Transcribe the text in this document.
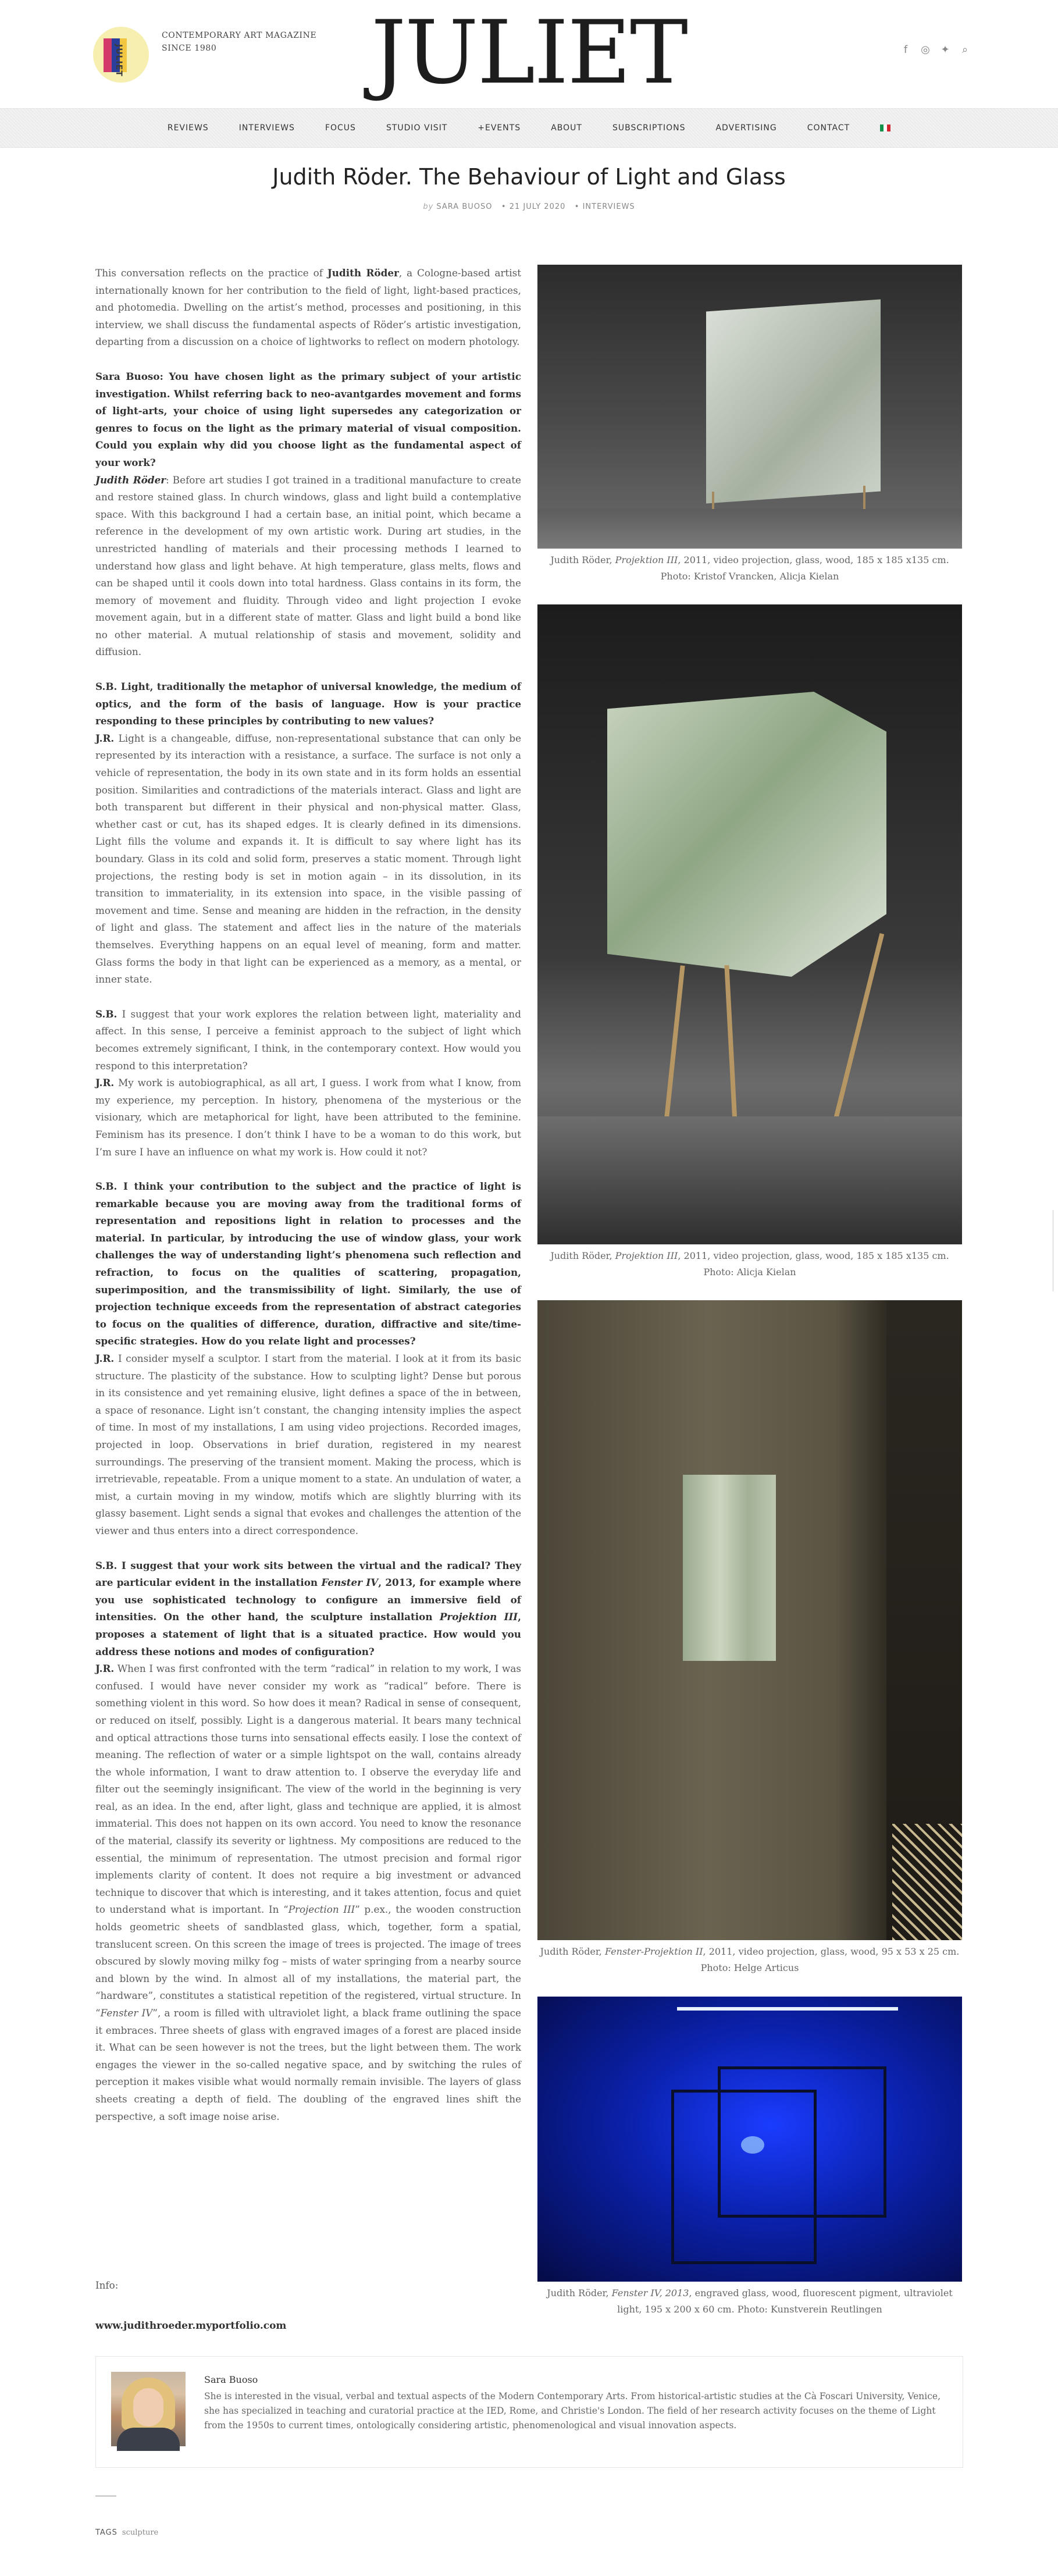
JULIET
CONTEMPORARY ART MAGAZINE
SINCE 1980	JULIET	f	◎ ✦ ⌕
REVIEWS	INTERVIEWS	FOCUS	STUDIO VISIT	+EVENTS	ABOUT	SUBSCRIPTIONS	ADVERTISING	CONTACT
Judith Röder. The Behaviour of Light and Glass
by SARA BUOSO   • 21 JULY 2020   • INTERVIEWS

This conversation reflects on the practice of Judith Röder, a Cologne-based artist internationally known for her contribution to the field of light, light-based practices, and photomedia. Dwelling on the artist’s method, processes and positioning, in this interview, we shall discuss the fundamental aspects of Röder’s artistic investigation, departing from a discussion on a choice of lightworks to reflect on modern photology.

Sara Buoso: You have chosen light as the primary subject of your artistic investigation. Whilst referring back to neo-avantgardes movement and forms of light-arts, your choice of using light supersedes any categorization or genres to focus on the light as the primary material of visual composition. Could you explain why did you choose light as the fundamental aspect of your work?

Judith Röder: Before art studies I got trained in a traditional manufacture to create and restore stained glass. In church windows, glass and light build a contemplative space. With this background I had a certain base, an initial point, which became a reference in the development of my own artistic work. During art studies, in the unrestricted handling of materials and their processing methods I learned to understand how glass and light behave. At high temperature, glass melts, flows and can be shaped until it cools down into total hardness. Glass contains in its form, the memory of movement and fluidity. Through video and light projection I evoke movement again, but in a different state of matter. Glass and light build a bond like no other material. A mutual relationship of stasis and movement, solidity and diffusion.

S.B. Light, traditionally the metaphor of universal knowledge, the medium of optics, and the form of the basis of language. How is your practice responding to these principles by contributing to new values?

J.R. Light is a changeable, diffuse, non-representational substance that can only be represented by its interaction with a resistance, a surface. The surface is not only a vehicle of representation, the body in its own state and in its form holds an essential position. Similarities and contradictions of the materials interact. Glass and light are both transparent but different in their physical and non-physical matter. Glass, whether cast or cut, has its shaped edges. It is clearly defined in its dimensions. Light fills the volume and expands it. It is difficult to say where light has its boundary. Glass in its cold and solid form, preserves a static moment. Through light projections, the resting body is set in motion again – in its dissolution, in its transition to immateriality, in its extension into space, in the visible passing of movement and time. Sense and meaning are hidden in the refraction, in the density of light and glass. The statement and affect lies in the nature of the materials themselves. Everything happens on an equal level of meaning, form and matter. Glass forms the body in that light can be experienced as a memory, as a mental, or inner state.

S.B. I suggest that your work explores the relation between light, materiality and affect. In this sense, I perceive a feminist approach to the subject of light which becomes extremely significant, I think, in the contemporary context. How would you respond to this interpretation?

J.R. My work is autobiographical, as all art, I guess. I work from what I know, from my experience, my perception. In history, phenomena of the mysterious or the visionary, which are metaphorical for light, have been attributed to the feminine. Feminism has its presence. I don’t think I have to be a woman to do this work, but I’m sure I have an influence on what my work is. How could it not?

S.B. I think your contribution to the subject and the practice of light is remarkable because you are moving away from the traditional forms of representation and repositions light in relation to processes and the material. In particular, by introducing the use of window glass, your work challenges the way of understanding light’s phenomena such reflection and refraction, to focus on the qualities of scattering, propagation, superimposition, and the transmissibility of light. Similarly, the use of projection technique exceeds from the representation of abstract categories to focus on the qualities of difference, duration, diffractive and site/time-specific strategies. How do you relate light and processes?

J.R. I consider myself a sculptor. I start from the material. I look at it from its basic structure. The plasticity of the substance. How to sculpting light? Dense but porous in its consistence and yet remaining elusive, light defines a space of the in between, a space of resonance. Light isn’t constant, the changing intensity implies the aspect of time. In most of my installations, I am using video projections. Recorded images, projected in loop. Observations in brief duration, registered in my nearest surroundings. The preserving of the transient moment. Making the process, which is irretrievable, repeatable. From a unique moment to a state. An undulation of water, a mist, a curtain moving in my window, motifs which are slightly blurring with its glassy basement. Light sends a signal that evokes and challenges the attention of the viewer and thus enters into a direct correspondence.

S.B. I suggest that your work sits between the virtual and the radical? They are particular evident in the installation Fenster IV, 2013, for example where you use sophisticated technology to configure an immersive field of intensities. On the other hand, the sculpture installation Projektion III, proposes a statement of light that is a situated practice. How would you address these notions and modes of configuration?

J.R. When I was first confronted with the term “radical” in relation to my work, I was confused. I would have never consider my work as “radical” before. There is something violent in this word. So how does it mean? Radical in sense of consequent, or reduced on itself, possibly. Light is a dangerous material. It bears many technical and optical attractions those turns into sensational effects easily. I lose the context of meaning. The reflection of water or a simple lightspot on the wall, contains already the whole information, I want to draw attention to. I observe the everyday life and filter out the seemingly insignificant. The view of the world in the beginning is very real, as an idea. In the end, after light, glass and technique are applied, it is almost immaterial. This does not happen on its own accord. You need to know the resonance of the material, classify its severity or lightness. My compositions are reduced to the essential, the minimum of representation. The utmost precision and formal rigor implements clarity of content. It does not require a big investment or advanced technique to discover that which is interesting, and it takes attention, focus and quiet to understand what is important. In “Projection III” p.ex., the wooden construction holds geometric sheets of sandblasted glass, which, together, form a spatial, translucent screen. On this screen the image of trees is projected. The image of trees obscured by slowly moving milky fog – mists of water springing from a nearby source and blown by the wind. In almost all of my installations, the material part, the “hardware”, constitutes a statistical repetition of the registered, virtual structure. In “Fenster IV”, a room is filled with ultraviolet light, a black frame outlining the space it embraces. Three sheets of glass with engraved images of a forest are placed inside it. What can be seen however is not the trees, but the light between them. The work engages the viewer in the so-called negative space, and by switching the rules of perception it makes visible what would normally remain invisible. The layers of glass sheets creating a depth of field. The doubling of the engraved lines shift the perspective, a soft image noise arise.

Judith Röder, Projektion III, 2011, video projection, glass, wood, 185 x 185 x135 cm.
Photo: Kristof Vrancken, Alicja Kielan
Judith Röder, Projektion III, 2011, video projection, glass, wood, 185 x 185 x135 cm.
Photo: Alicja Kielan
Judith Röder, Fenster-Projektion II, 2011, video projection, glass, wood, 95 x 53 x 25 cm.
Photo: Helge Articus
Judith Röder, Fenster IV, 2013, engraved glass, wood, fluorescent pigment, ultraviolet light, 195 x 200 x 60 cm. Photo: Kunstverein Reutlingen
Info:
www.judithroeder.myportfolio.com
Sara Buoso
She is interested in the visual, verbal and textual aspects of the Modern Contemporary Arts. From historical-artistic studies at the Cà Foscari University, Venice, she has specialized in teaching and curatorial practice at the IED, Rome, and Christie's London. The field of her research activity focuses on the theme of Light from the 1950s to current times, ontologically considering artistic, phenomenological and visual innovation aspects.
TAGS sculpture
